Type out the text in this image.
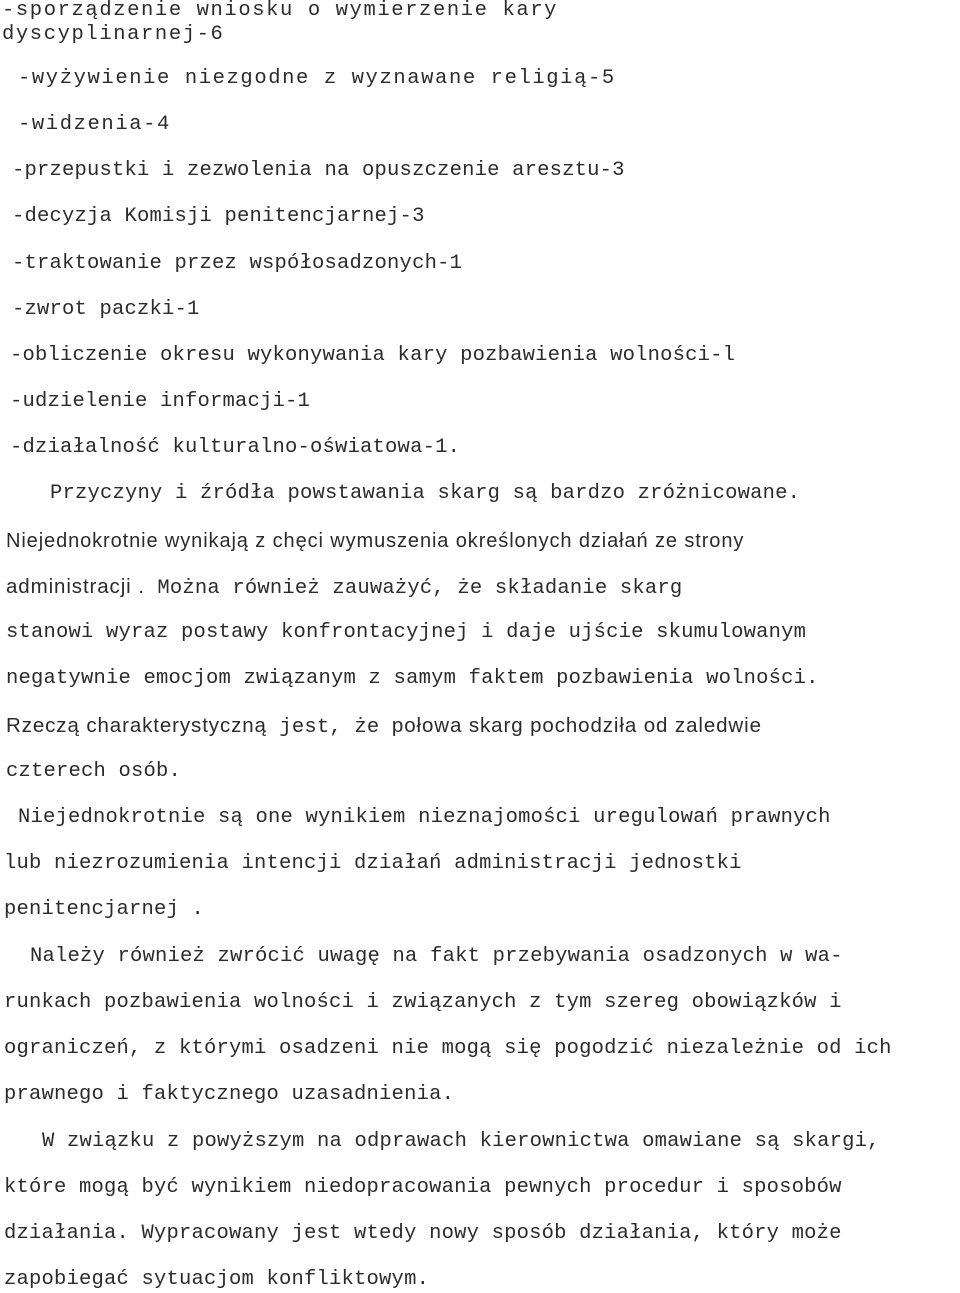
-sporządzenie wniosku o wymierzenie kary

dyscyplinarnej-6

-wyżywienie niezgodne z wyznawane religią-5

-widzenia-4

-przepustki i zezwolenia na opuszczenie aresztu-3

-decyzja Komisji penitencjarnej-3

-traktowanie przez współosadzonych-1

-zwrot paczki-1

-obliczenie okresu wykonywania kary pozbawienia wolności-l

-udzielenie informacji-1

-działalność kulturalno-oświatowa-1.

Przyczyny i źródła powstawania skarg są bardzo zróżnicowane.

Niejednokrotnie wynikają z chęci wymuszenia określonych działań ze strony

administracji . Można również zauważyć, że składanie skarg

stanowi wyraz postawy konfrontacyjnej i daje ujście skumulowanym

negatywnie emocjom związanym z samym faktem pozbawienia wolności.

Rzeczą charakterystyczną jest, że połowa skarg pochodziła od zaledwie

czterech osób.

Niejednokrotnie są one wynikiem nieznajomości uregulowań prawnych

lub niezrozumienia intencji działań administracji jednostki

penitencjarnej .

Należy również zwrócić uwagę na fakt przebywania osadzonych w wa-

runkach pozbawienia wolności i związanych z tym szereg obowiązków i

ograniczeń, z którymi osadzeni nie mogą się pogodzić niezależnie od ich

prawnego i faktycznego uzasadnienia.

W związku z powyższym na odprawach kierownictwa omawiane są skargi,

które mogą być wynikiem niedopracowania pewnych procedur i sposobów

działania. Wypracowany jest wtedy nowy sposób działania, który może

zapobiegać sytuacjom konfliktowym.
